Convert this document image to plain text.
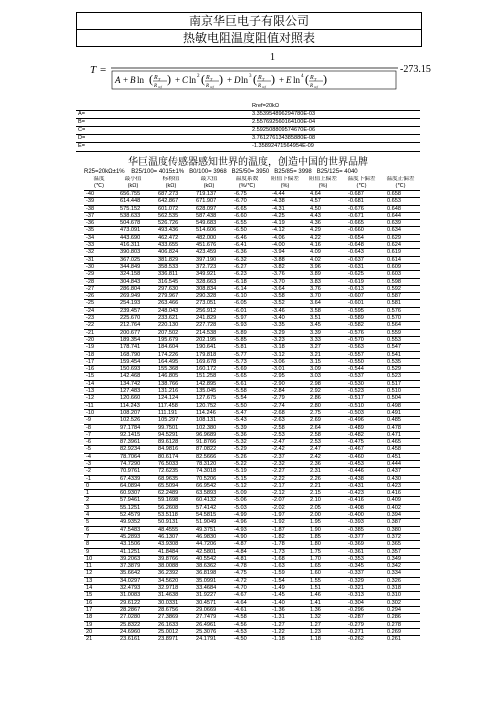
南京华巨电子有限公司
热敏电阻温度阻值对照表
T =
1
A + B ln ( R T
R ref
) + C ln 2 ( R T
R ref
) + D ln 3 ( R T
R ref
) + E ln 4 ( R T
R ref
)
-273.15
Rref=20kΩ
A=	3.353954896294780E-03
B=	2.557692560164100E-04
C=	2.592508809574670E-06
D=	3.761276134385880E-08
E=	-1.35892471564954E-09
华巨温度传感器感知世界的温度，创造中国的世界品牌
R25=20kΩ±1%    B25/100= 4015±1%   B0/100= 3968   B25/50= 3950   B25/85= 3998   B25/125= 4040
温度	最小值	标称值	最大值	温度系数	阻值下偏差	阻值上偏差	温度下偏差	温度正偏差
(℃)	(kΩ)	(kΩ)	(kΩ)	(%/℃)	(%)	(%)	(℃)	(℃)
-40	656.755	687.273	719.137	-6.75	-4.44	4.64	-0.687	0.658
-39	614.448	642.867	671.907	-6.70	-4.38	4.57	-0.681	0.653
-38	575.152	601.072	628.097	-6.65	-4.31	4.50	-0.676	0.648
-37	538.633	562.535	587.438	-6.60	-4.25	4.43	-0.671	0.644
-36	504.678	526.726	549.683	-6.55	-4.19	4.36	-0.665	0.639
-35	473.091	493.436	514.606	-6.50	-4.12	4.29	-0.660	0.634
-34	443.690	462.472	482.000	-6.46	-4.06	4.22	-0.654	0.629
-33	416.311	433.655	451.676	-6.41	-4.00	4.16	-0.648	0.624
-32	390.803	406.824	423.459	-6.36	-3.94	4.09	-0.643	0.619
-31	367.025	381.829	397.190	-6.32	-3.88	4.02	-0.637	0.614
-30	344.849	358.533	372.723	-6.27	-3.82	3.96	-0.631	0.609
-29	324.158	336.811	349.921	-6.23	-3.76	3.89	-0.625	0.603
-28	304.843	316.545	328.663	-6.18	-3.70	3.83	-0.619	0.598
-27	286.804	297.630	308.834	-6.14	-3.64	3.76	-0.613	0.592
-26	269.949	279.967	290.328	-6.10	-3.58	3.70	-0.607	0.587
-25	254.193	263.466	273.051	-6.05	-3.52	3.64	-0.601	0.581
-24	239.457	248.043	256.912	-6.01	-3.46	3.58	-0.595	0.576
-23	225.670	233.621	241.829	-5.97	-3.40	3.51	-0.589	0.570
-22	212.764	220.130	227.728	-5.93	-3.35	3.45	-0.582	0.564
-21	200.677	207.502	214.538	-5.89	-3.29	3.39	-0.576	0.559
-20	189.354	195.679	202.195	-5.85	-3.23	3.33	-0.570	0.553
-19	178.741	184.604	190.641	-5.81	-3.18	3.27	-0.563	0.547
-18	168.790	174.226	179.818	-5.77	-3.12	3.21	-0.557	0.541
-17	159.454	164.495	169.678	-5.73	-3.06	3.15	-0.550	0.535
-16	150.693	155.368	160.172	-5.69	-3.01	3.09	-0.544	0.529
-15	142.468	146.805	151.258	-5.65	-2.95	3.03	-0.537	0.523
-14	134.742	138.766	142.895	-5.61	-2.90	2.98	-0.530	0.517
-13	127.483	131.216	135.045	-5.58	-2.84	2.92	-0.523	0.510
-12	120.660	124.124	127.675	-5.54	-2.79	2.86	-0.517	0.504
-11	114.243	117.458	120.752	-5.50	-2.74	2.80	-0.510	0.498
-10	108.207	111.191	114.246	-5.47	-2.68	2.75	-0.503	0.491
-9	102.526	105.297	108.131	-5.43	-2.63	2.69	-0.496	0.485
-8	97.1784	99.7501	102.380	-5.39	-2.58	2.64	-0.489	0.478
-7	92.1415	94.5291	96.9689	-5.36	-2.53	2.58	-0.482	0.471
-6	87.3961	89.6128	91.8766	-5.32	-2.47	2.53	-0.475	0.465
-5	82.9234	84.9816	87.0822	-5.29	-2.42	2.47	-0.467	0.458
-4	78.7064	80.6174	82.5666	-5.26	-2.37	2.42	-0.460	0.451
-3	74.7290	76.5033	78.3120	-5.22	-2.32	2.36	-0.453	0.444
-2	70.9761	72.6235	74.3018	-5.19	-2.27	2.31	-0.446	0.437
-1	67.4339	68.9635	70.5206	-5.15	-2.22	2.26	-0.438	0.430
0	64.0894	65.5094	66.9542	-5.12	-2.17	2.21	-0.431	0.423
1	60.9307	62.2489	63.5893	-5.09	-2.12	2.15	-0.423	0.416
2	57.9461	59.1698	60.4132	-5.06	-2.07	2.10	-0.416	0.409
3	55.1251	56.2608	57.4142	-5.03	-2.02	2.05	-0.408	0.402
4	52.4579	53.5118	54.5815	-4.99	-1.97	2.00	-0.400	0.394
5	49.9352	50.9131	51.9049	-4.96	-1.92	1.95	-0.393	0.387
6	47.5483	48.4555	49.3751	-4.93	-1.87	1.90	-0.385	0.380
7	45.2893	46.1307	46.9830	-4.90	-1.82	1.85	-0.377	0.372
8	43.1506	43.9308	44.7206	-4.87	-1.78	1.80	-0.369	0.365
9	41.1251	41.8484	42.5801	-4.84	-1.73	1.75	-0.361	0.357
10	39.2063	39.8766	40.5542	-4.81	-1.68	1.70	-0.353	0.349
11	37.3879	38.0088	38.6362	-4.78	-1.63	1.65	-0.345	0.342
12	35.6642	36.2392	36.8198	-4.75	-1.59	1.60	-0.337	0.334
13	34.0297	34.5620	35.0991	-4.72	-1.54	1.55	-0.329	0.326
14	32.4793	32.9718	33.4684	-4.70	-1.49	1.51	-0.321	0.318
15	31.0083	31.4638	31.9227	-4.67	-1.45	1.46	-0.313	0.310
16	29.6122	30.0331	30.4571	-4.64	-1.40	1.41	-0.304	0.302
17	28.2867	28.6756	29.0669	-4.61	-1.36	1.36	-0.296	0.294
18	27.0280	27.3869	27.7479	-4.58	-1.31	1.32	-0.287	0.286
19	25.8322	26.1633	26.4961	-4.56	-1.27	1.27	-0.279	0.278
20	24.6960	25.0012	25.3076	-4.53	-1.22	1.23	-0.271	0.269
21	23.6161	23.8971	24.1791	-4.50	-1.18	1.18	-0.262	0.261
